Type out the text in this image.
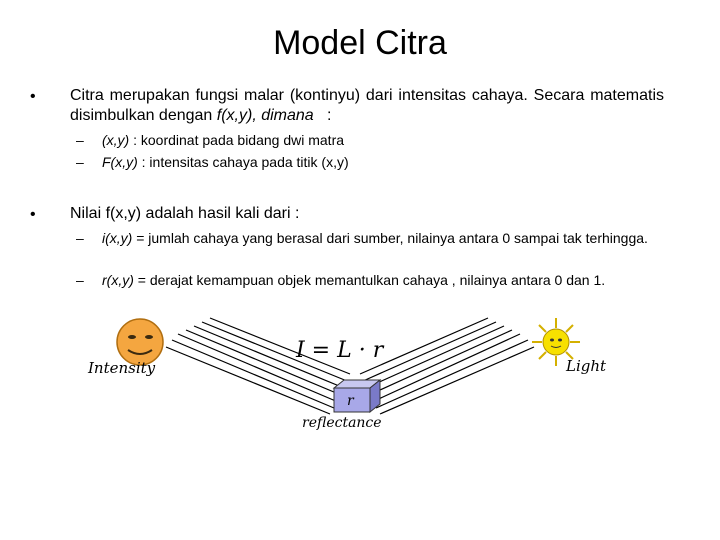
Model Citra
• Citra merupakan fungsi malar (kontinyu) dari intensitas cahaya. Secara matematis disimbulkan dengan f(x,y), dimana   :
– (x,y) : koordinat pada bidang dwi matra
– F(x,y) : intensitas cahaya pada titik (x,y)
• Nilai f(x,y) adalah hasil kali dari :
– i(x,y) = jumlah cahaya yang berasal dari sumber, nilainya antara 0 sampai tak terhingga.
– r(x,y) = derajat kemampuan objek memantulkan cahaya , nilainya antara 0 dan 1.
r
I = L · r
Intensity	Light
reflectance
